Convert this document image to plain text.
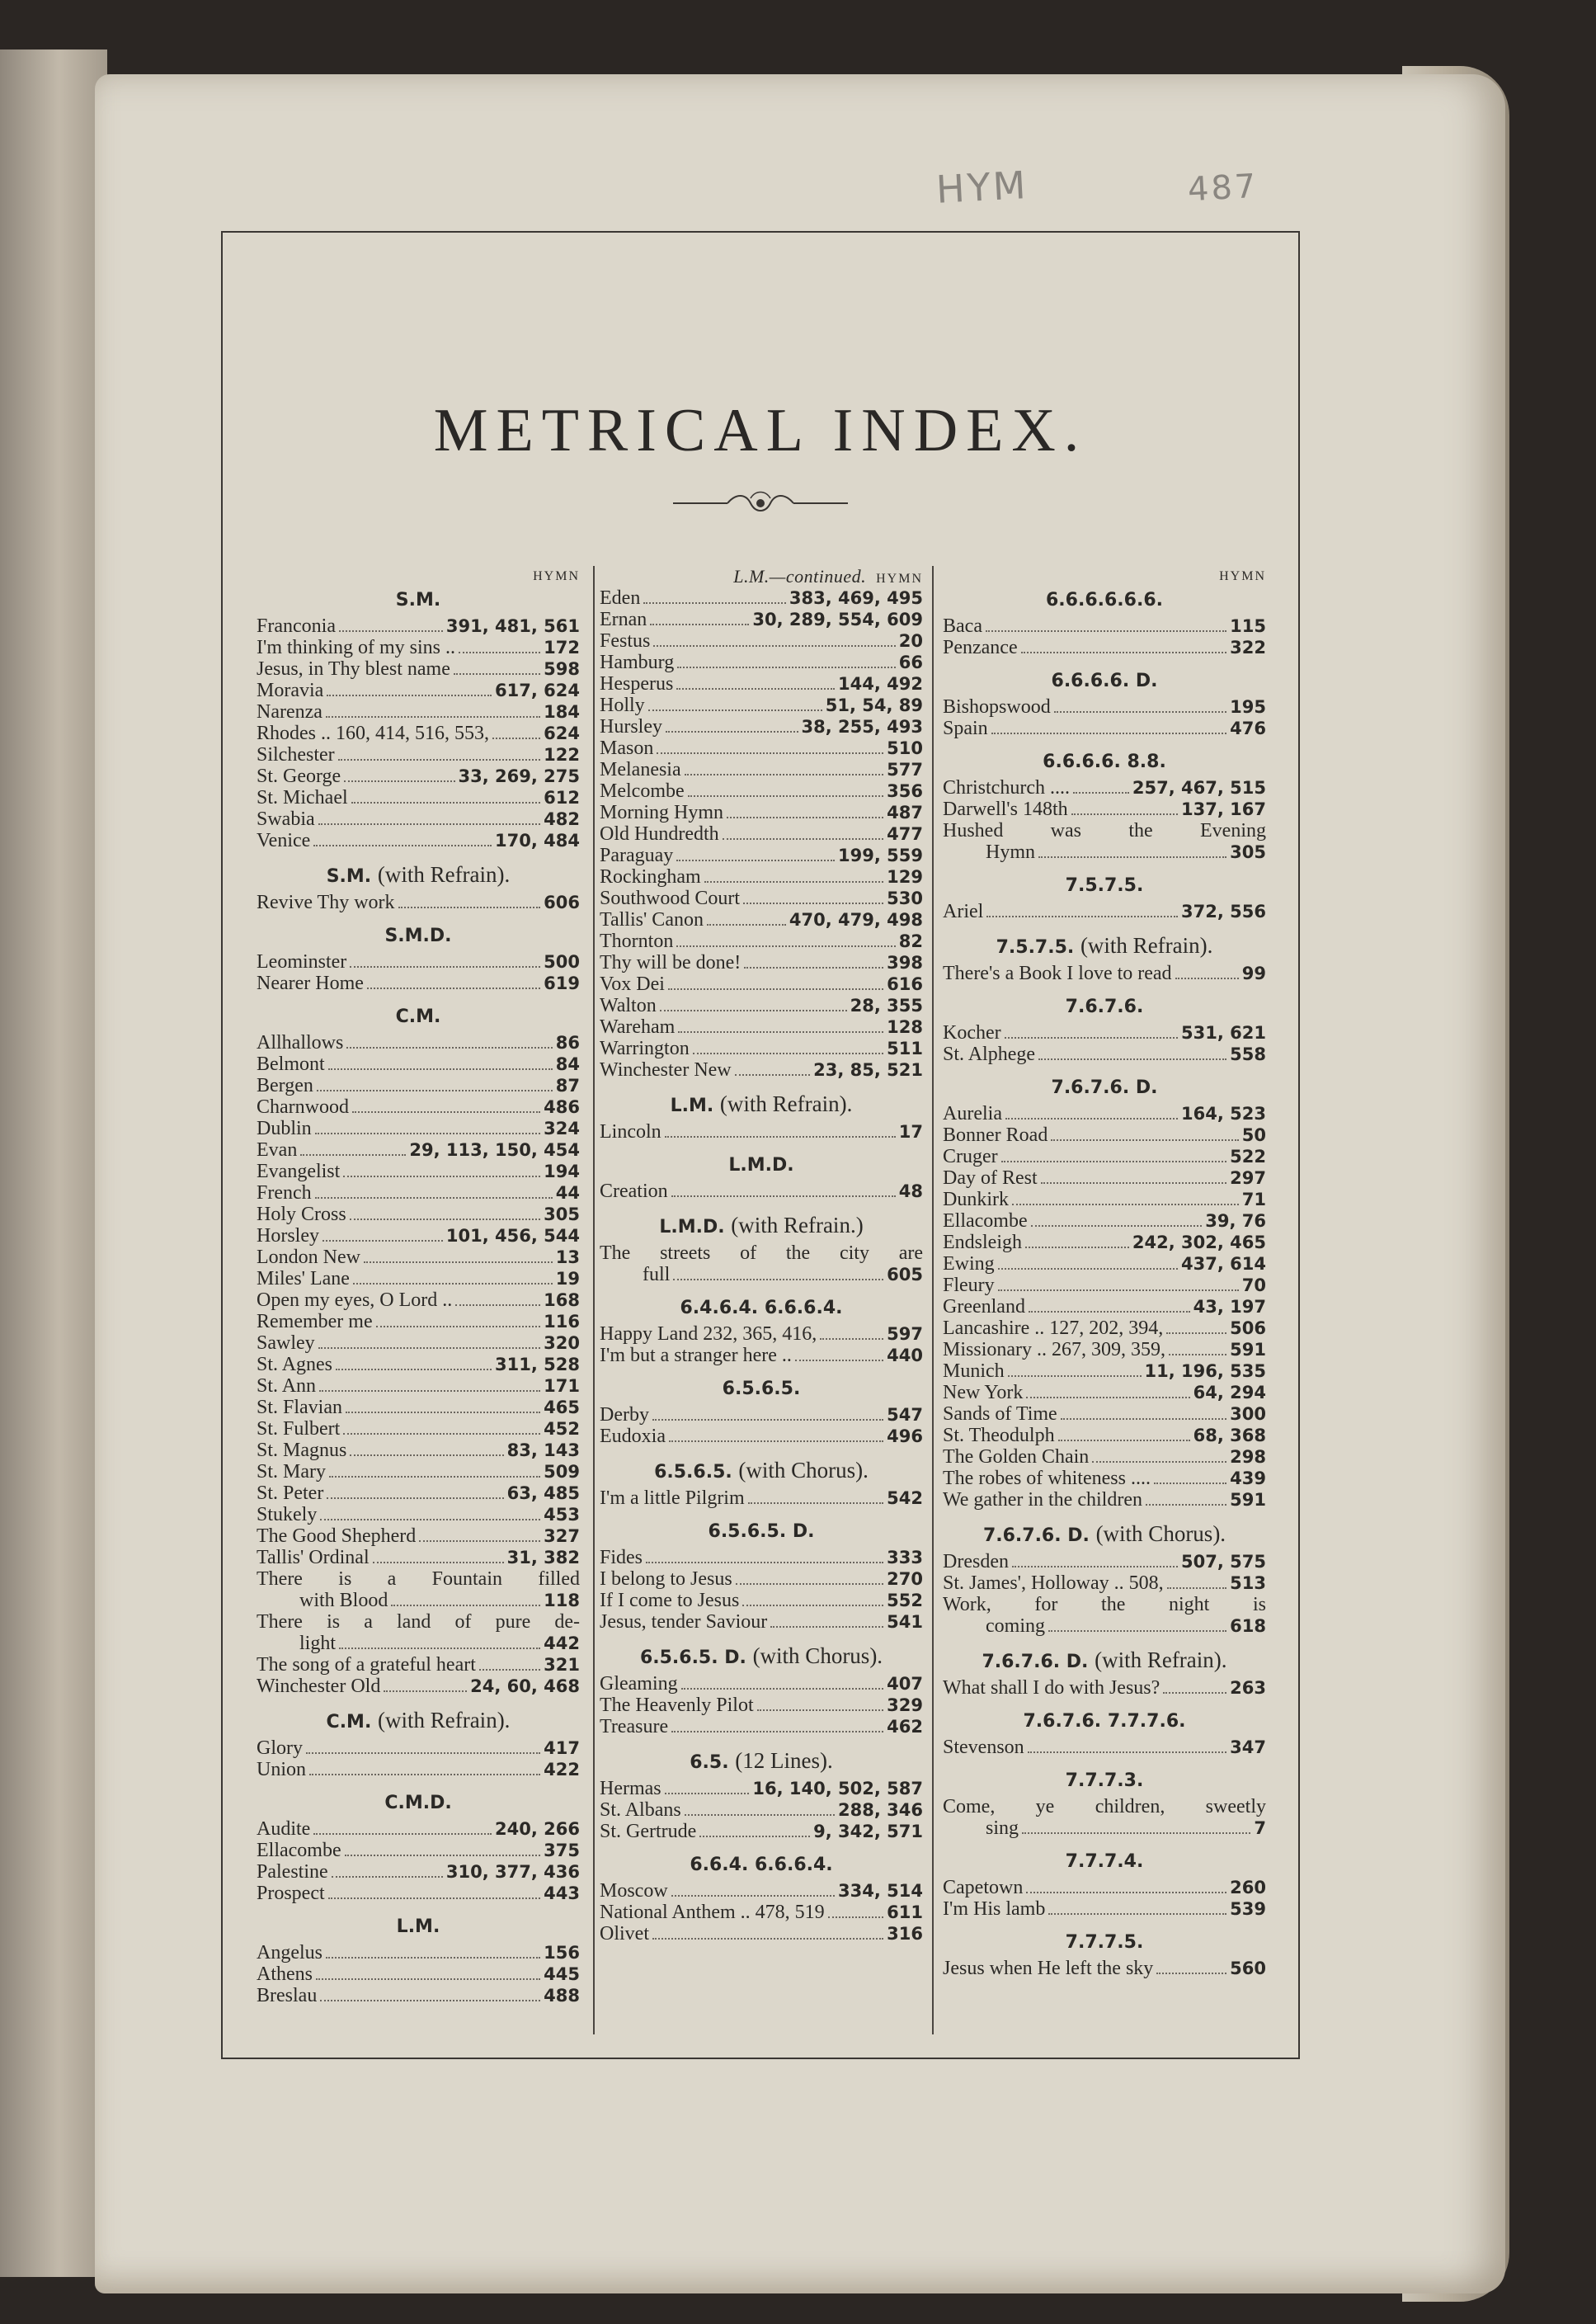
HYM	487
METRICAL INDEX.
HYMN
S.M.
Franconia	391, 481, 561
I'm thinking of my sins ..	172
Jesus, in Thy blest name	598
Moravia	617, 624
Narenza	184
Rhodes .. 160, 414, 516, 553,	624
Silchester	122
St. George	33, 269, 275
St. Michael	612
Swabia	482
Venice	170, 484
S.M. (with Refrain).
Revive Thy work	606
S.M.D.
Leominster	500
Nearer Home	619
C.M.
Allhallows	86
Belmont	84
Bergen	87
Charnwood	486
Dublin	324
Evan	29, 113, 150, 454
Evangelist	194
French	44
Holy Cross	305
Horsley	101, 456, 544
London New	13
Miles' Lane	19
Open my eyes, O Lord ..	168
Remember me	116
Sawley	320
St. Agnes	311, 528
St. Ann	171
St. Flavian	465
St. Fulbert	452
St. Magnus	83, 143
St. Mary	509
St. Peter	63, 485
Stukely	453
The Good Shepherd	327
Tallis' Ordinal	31, 382
There is a Fountain filled
with Blood	118
There is a land of pure de-
light	442
The song of a grateful heart	321
Winchester Old	24, 60, 468
C.M. (with Refrain).
Glory	417
Union	422
C.M.D.
Audite	240, 266
Ellacombe	375
Palestine	310, 377, 436
Prospect	443
L.M.
Angelus	156
Athens	445
Breslau	488
L.M.—continued. HYMN
Eden	383, 469, 495
Ernan	30, 289, 554, 609
Festus	20
Hamburg	66
Hesperus	144, 492
Holly	51, 54, 89
Hursley	38, 255, 493
Mason	510
Melanesia	577
Melcombe	356
Morning Hymn	487
Old Hundredth	477
Paraguay	199, 559
Rockingham	129
Southwood Court	530
Tallis' Canon	470, 479, 498
Thornton	82
Thy will be done!	398
Vox Dei	616
Walton	28, 355
Wareham	128
Warrington	511
Winchester New	23, 85, 521
L.M. (with Refrain).
Lincoln	17
L.M.D.
Creation	48
L.M.D. (with Refrain.)
The streets of the city are
full	605
6.4.6.4. 6.6.6.4.
Happy Land 232, 365, 416,	597
I'm but a stranger here ..	440
6.5.6.5.
Derby	547
Eudoxia	496
6.5.6.5. (with Chorus).
I'm a little Pilgrim	542
6.5.6.5. D.
Fides	333
I belong to Jesus	270
If I come to Jesus	552
Jesus, tender Saviour	541
6.5.6.5. D. (with Chorus).
Gleaming	407
The Heavenly Pilot	329
Treasure	462
6.5. (12 Lines).
Hermas	16, 140, 502, 587
St. Albans	288, 346
St. Gertrude	9, 342, 571
6.6.4. 6.6.6.4.
Moscow	334, 514
National Anthem .. 478, 519	611
Olivet	316
HYMN
6.6.6.6.6.6.
Baca	115
Penzance	322
6.6.6.6. D.
Bishopswood	195
Spain	476
6.6.6.6. 8.8.
Christchurch ....	257, 467, 515
Darwell's 148th	137, 167
Hushed was the Evening
Hymn	305
7.5.7.5.
Ariel	372, 556
7.5.7.5. (with Refrain).
There's a Book I love to read	99
7.6.7.6.
Kocher	531, 621
St. Alphege	558
7.6.7.6. D.
Aurelia	164, 523
Bonner Road	50
Cruger	522
Day of Rest	297
Dunkirk	71
Ellacombe	39, 76
Endsleigh	242, 302, 465
Ewing	437, 614
Fleury	70
Greenland	43, 197
Lancashire .. 127, 202, 394,	506
Missionary .. 267, 309, 359,	591
Munich	11, 196, 535
New York	64, 294
Sands of Time	300
St. Theodulph	68, 368
The Golden Chain	298
The robes of whiteness ....	439
We gather in the children	591
7.6.7.6. D. (with Chorus).
Dresden	507, 575
St. James', Holloway .. 508,	513
Work, for the night is
coming	618
7.6.7.6. D. (with Refrain).
What shall I do with Jesus?	263
7.6.7.6. 7.7.7.6.
Stevenson	347
7.7.7.3.
Come, ye children, sweetly
sing	7
7.7.7.4.
Capetown	260
I'm His lamb	539
7.7.7.5.
Jesus when He left the sky	560
